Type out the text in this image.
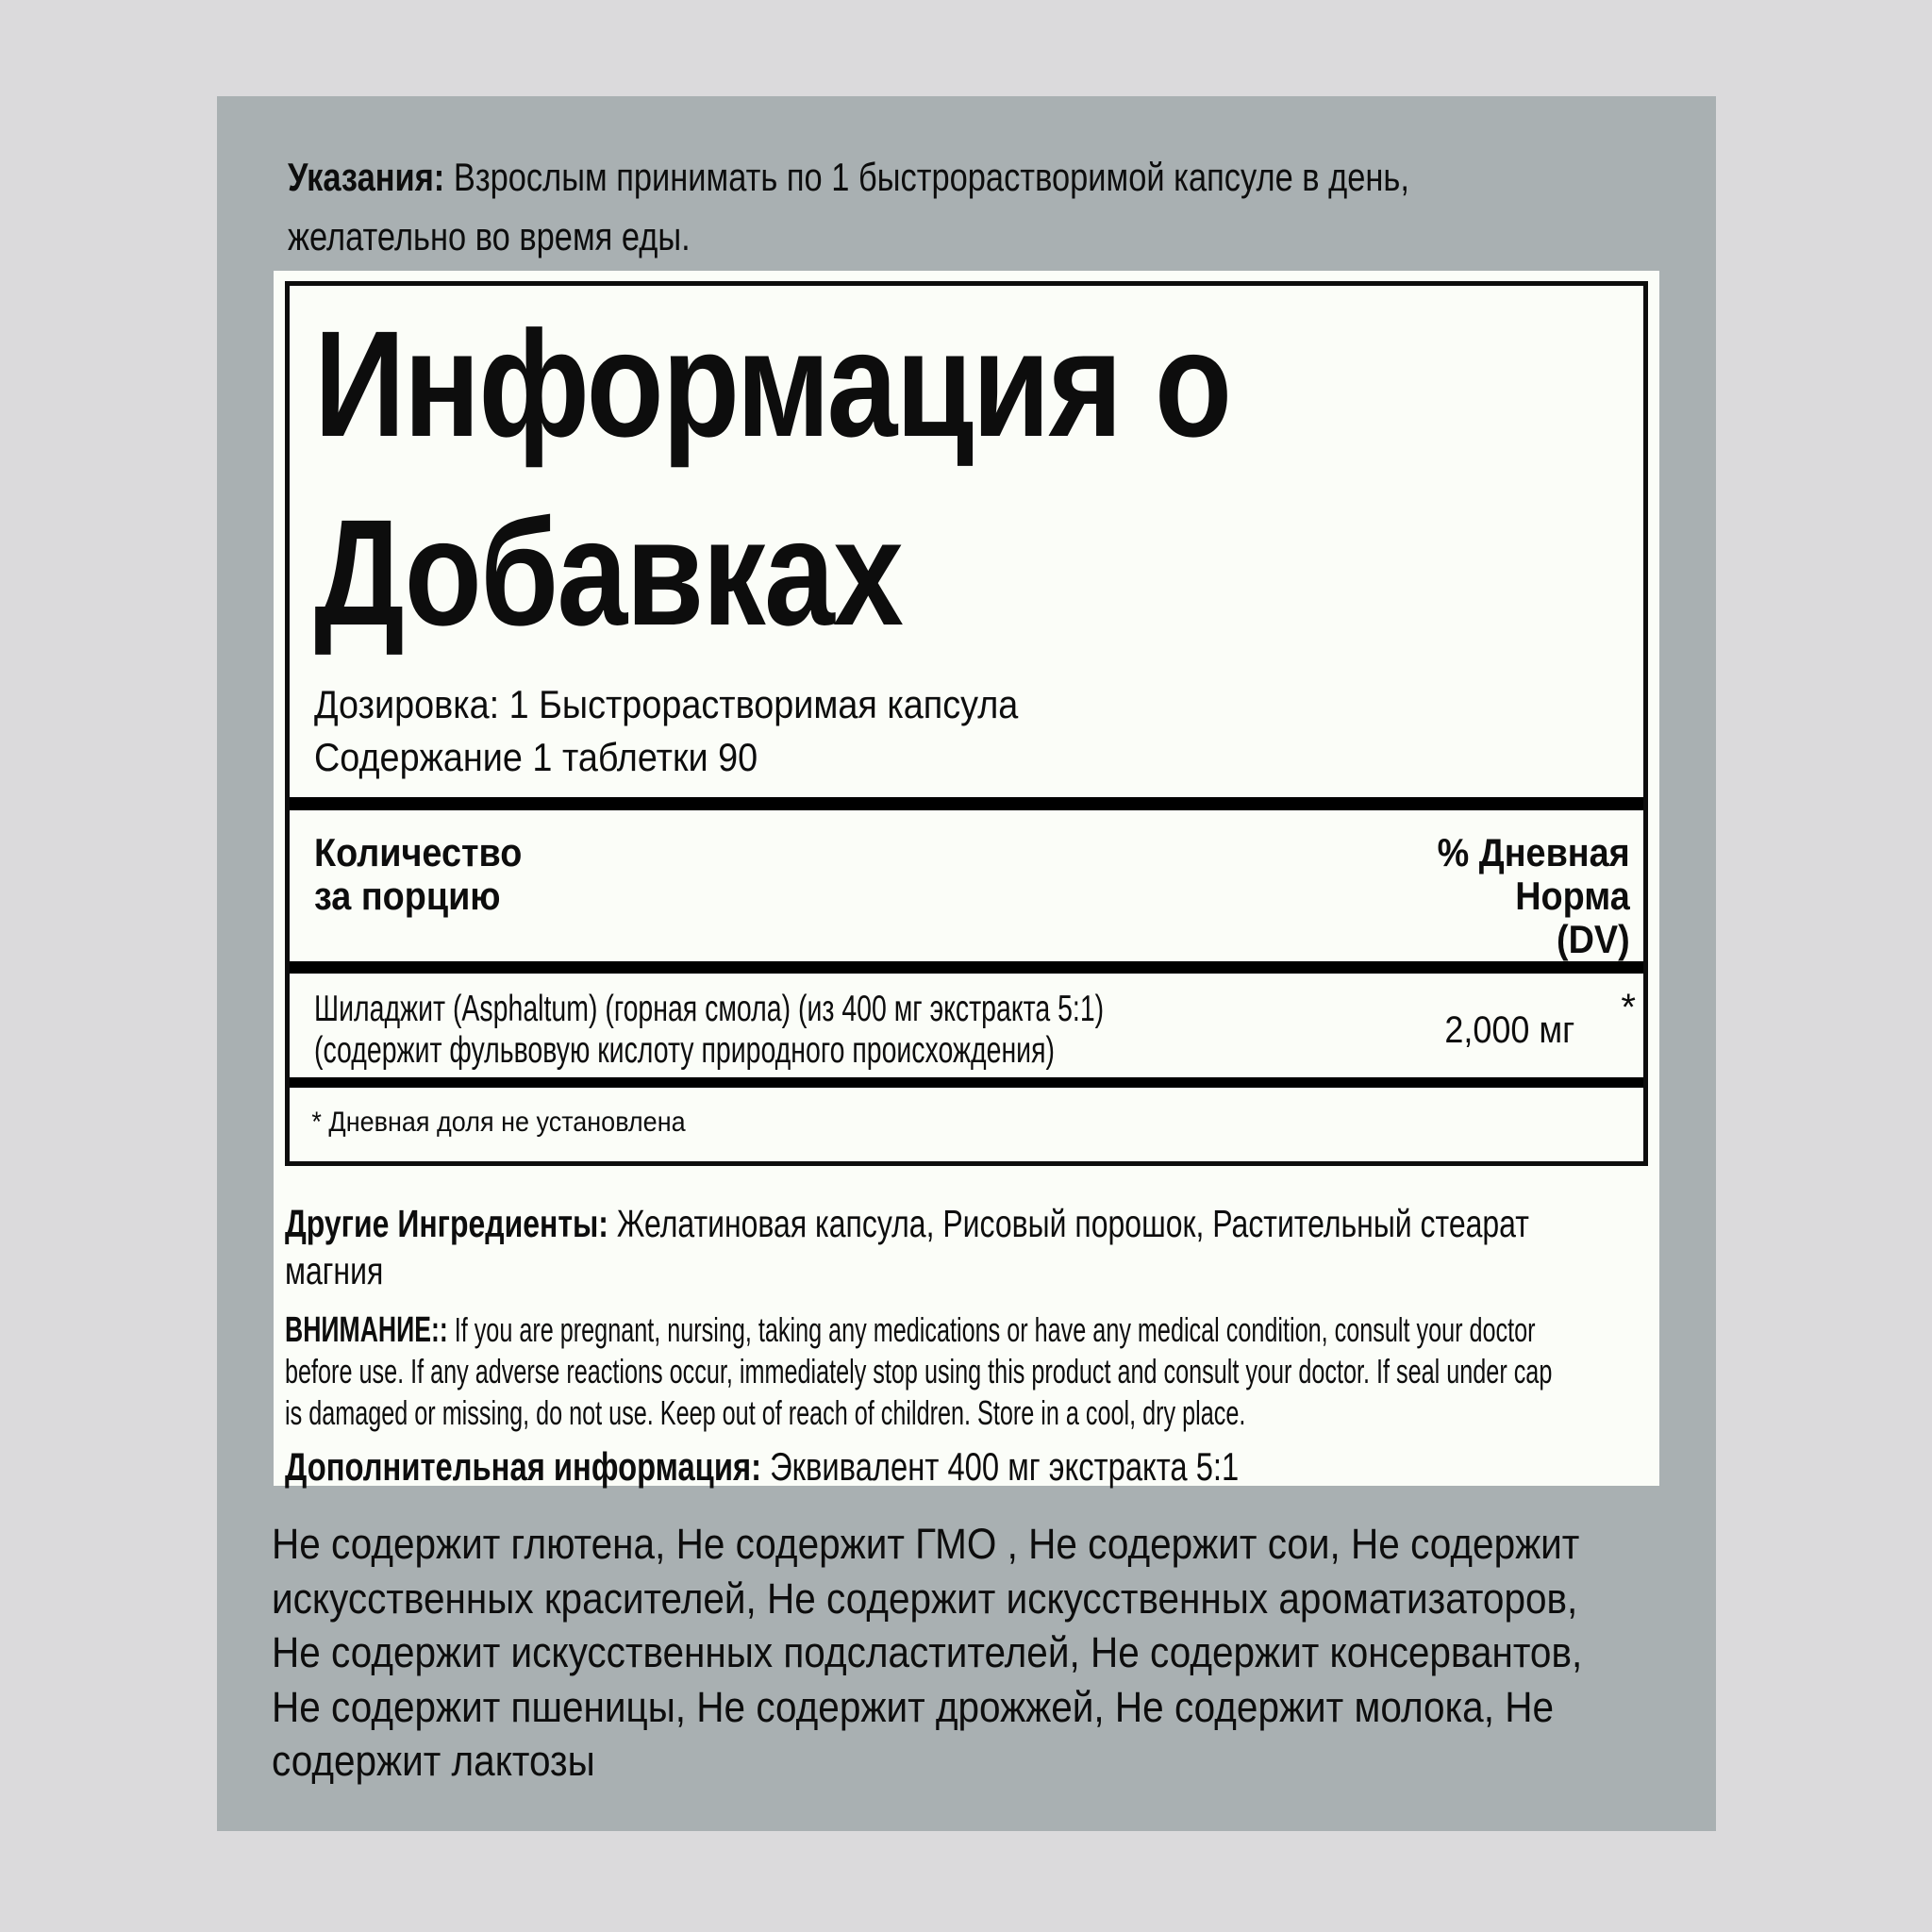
Указания: Взрослым принимать по 1 быстрорастворимой капсуле в день, желательно во время еды.

Информация о
Добавках
Дозировка: 1 Быстрорастворимая капсула
Содержание 1 таблетки 90
Количество
за порцию
% Дневная
Норма
(DV)
Шиладжит (Asphaltum) (горная смола) (из 400 мг экстракта 5:1)
(содержит фульвовую кислоту природного происхождения)	2,000 мг
*
* Дневная доля не установлена

Другие Ингредиенты: Желатиновая капсула, Рисовый порошок, Растительный стеарат магния

ВНИМАНИЕ:: If you are pregnant, nursing, taking any medications or have any medical condition, consult your doctor
before use. If any adverse reactions occur, immediately stop using this product and consult your doctor. If seal under cap
is damaged or missing, do not use. Keep out of reach of children. Store in a cool, dry place.

Дополнительная информация: Эквивалент 400 мг экстракта 5:1

Не содержит глютена, Не содержит ГМО , Не содержит сои, Не содержит
искусственных красителей, Не содержит искусственных ароматизаторов,
Не содержит искусственных подсластителей, Не содержит консервантов,
Не содержит пшеницы, Не содержит дрожжей, Не содержит молока, Не
содержит лактозы
